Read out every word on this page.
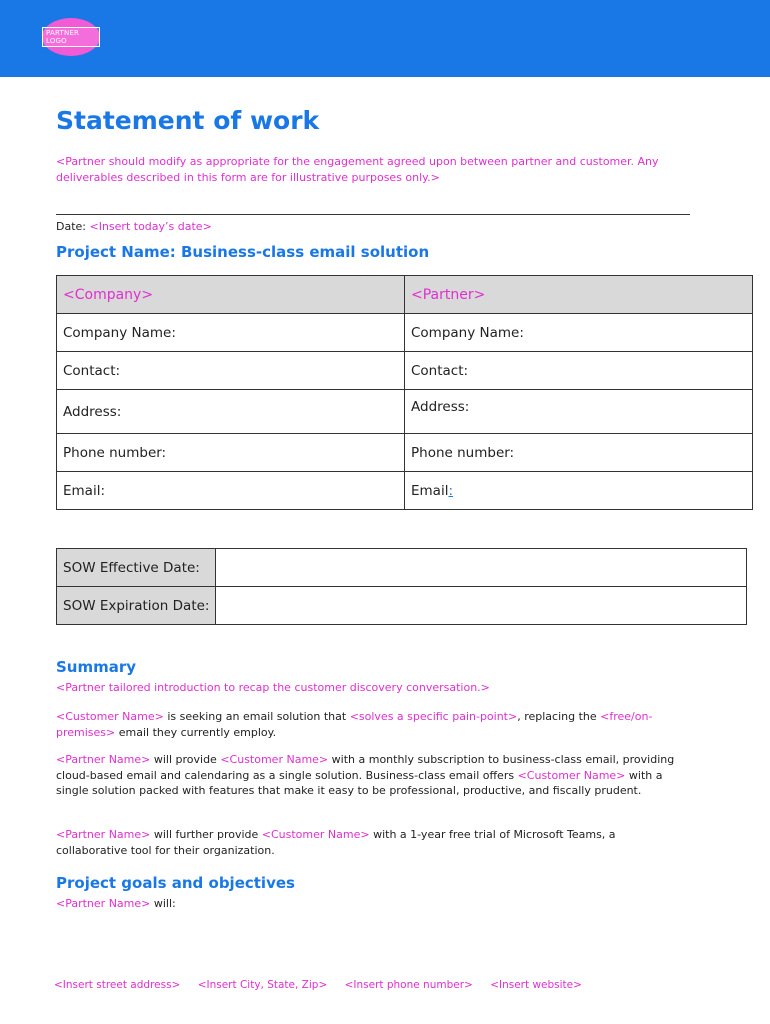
PARTNER LOGO
Statement of work
<Partner should modify as appropriate for the engagement agreed upon between partner and customer. Any deliverables described in this form are for illustrative purposes only.>
Date: <Insert today’s date>
Project Name: Business-class email solution
<Company>	<Partner>
Company Name:	Company Name:
Contact:	Contact:
Address:	Address:
Phone number:	Phone number:
Email:	Email:
SOW Effective Date:	
SOW Expiration Date:	
Summary

<Partner tailored introduction to recap the customer discovery conversation.>

<Customer Name> is seeking an email solution that <solves a specific pain-point>, replacing the <free/on-premises> email they currently employ.

<Partner Name> will provide <Customer Name> with a monthly subscription to business-class email, providing cloud-based email and calendaring as a single solution. Business-class email offers <Customer Name> with a single solution packed with features that make it easy to be professional, productive, and fiscally prudent.

<Partner Name> will further provide <Customer Name> with a 1-year free trial of Microsoft Teams, a collaborative tool for their organization.

Project goals and objectives

<Partner Name> will:

<Insert street address> <Insert City, State, Zip> <Insert phone number> <Insert website>
